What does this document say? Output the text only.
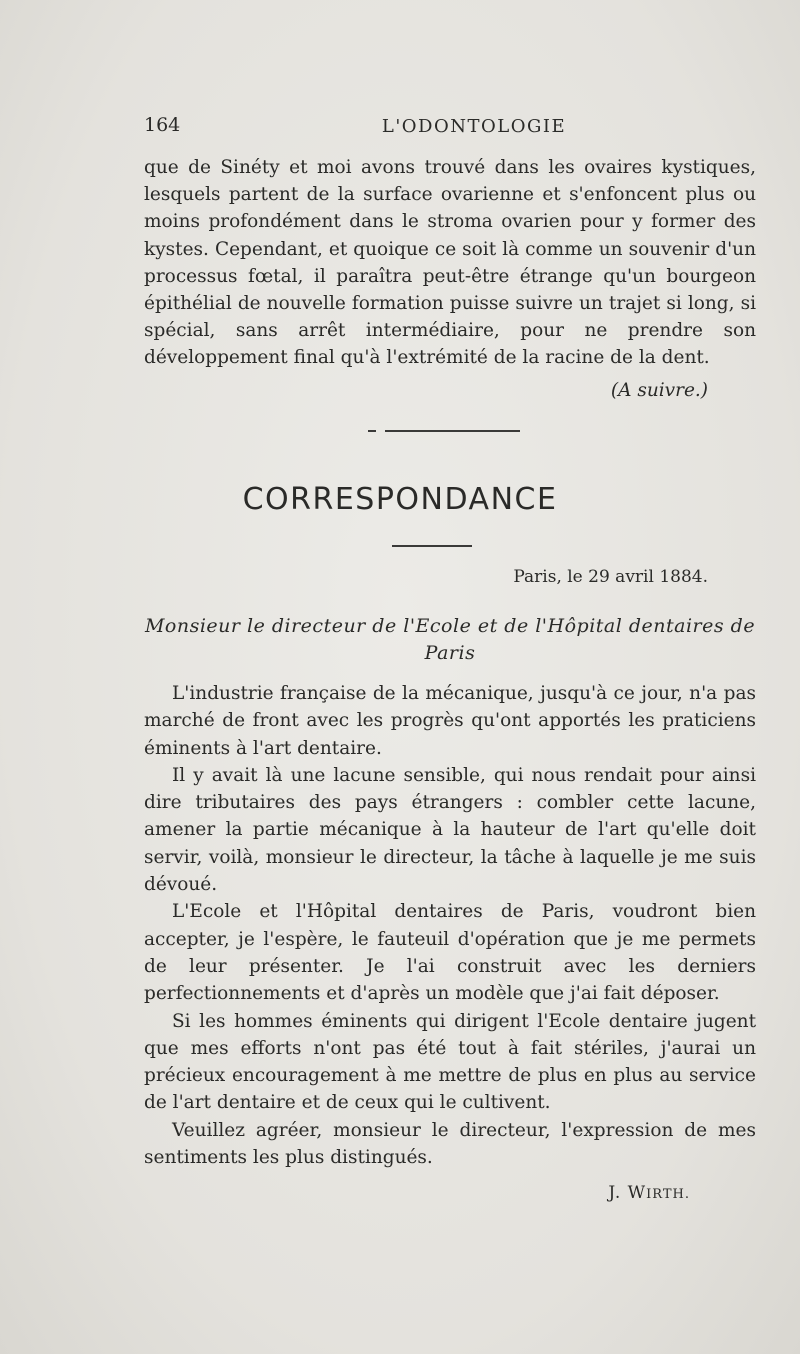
164	L'ODONTOLOGIE

que de Sinéty et moi avons trouvé dans les ovaires kystiques, lesquels partent de la surface ovarienne et s'enfoncent plus ou moins profondément dans le stroma ovarien pour y former des kystes. Cependant, et quoique ce soit là comme un souvenir d'un processus fœtal, il paraîtra peut-être étrange qu'un bourgeon épithélial de nouvelle formation puisse suivre un trajet si long, si spécial, sans arrêt intermédiaire, pour ne prendre son développement final qu'à l'extrémité de la racine de la dent.

(A suivre.)
CORRESPONDANCE
Paris, le 29 avril 1884.
Monsieur le directeur de l'Ecole et de l'Hôpital dentaires de Paris

L'industrie française de la mécanique, jusqu'à ce jour, n'a pas marché de front avec les progrès qu'ont apportés les praticiens éminents à l'art dentaire.

Il y avait là une lacune sensible, qui nous rendait pour ainsi dire tributaires des pays étrangers : combler cette lacune, amener la partie mécanique à la hauteur de l'art qu'elle doit servir, voilà, monsieur le directeur, la tâche à laquelle je me suis dévoué.

L'Ecole et l'Hôpital dentaires de Paris, voudront bien accepter, je l'espère, le fauteuil d'opération que je me permets de leur présenter. Je l'ai construit avec les derniers perfectionnements et d'après un modèle que j'ai fait déposer.

Si les hommes éminents qui dirigent l'Ecole dentaire jugent que mes efforts n'ont pas été tout à fait stériles, j'aurai un précieux encouragement à me mettre de plus en plus au service de l'art dentaire et de ceux qui le cultivent.

Veuillez agréer, monsieur le directeur, l'expression de mes sentiments les plus distingués.

J. WIRTH.
